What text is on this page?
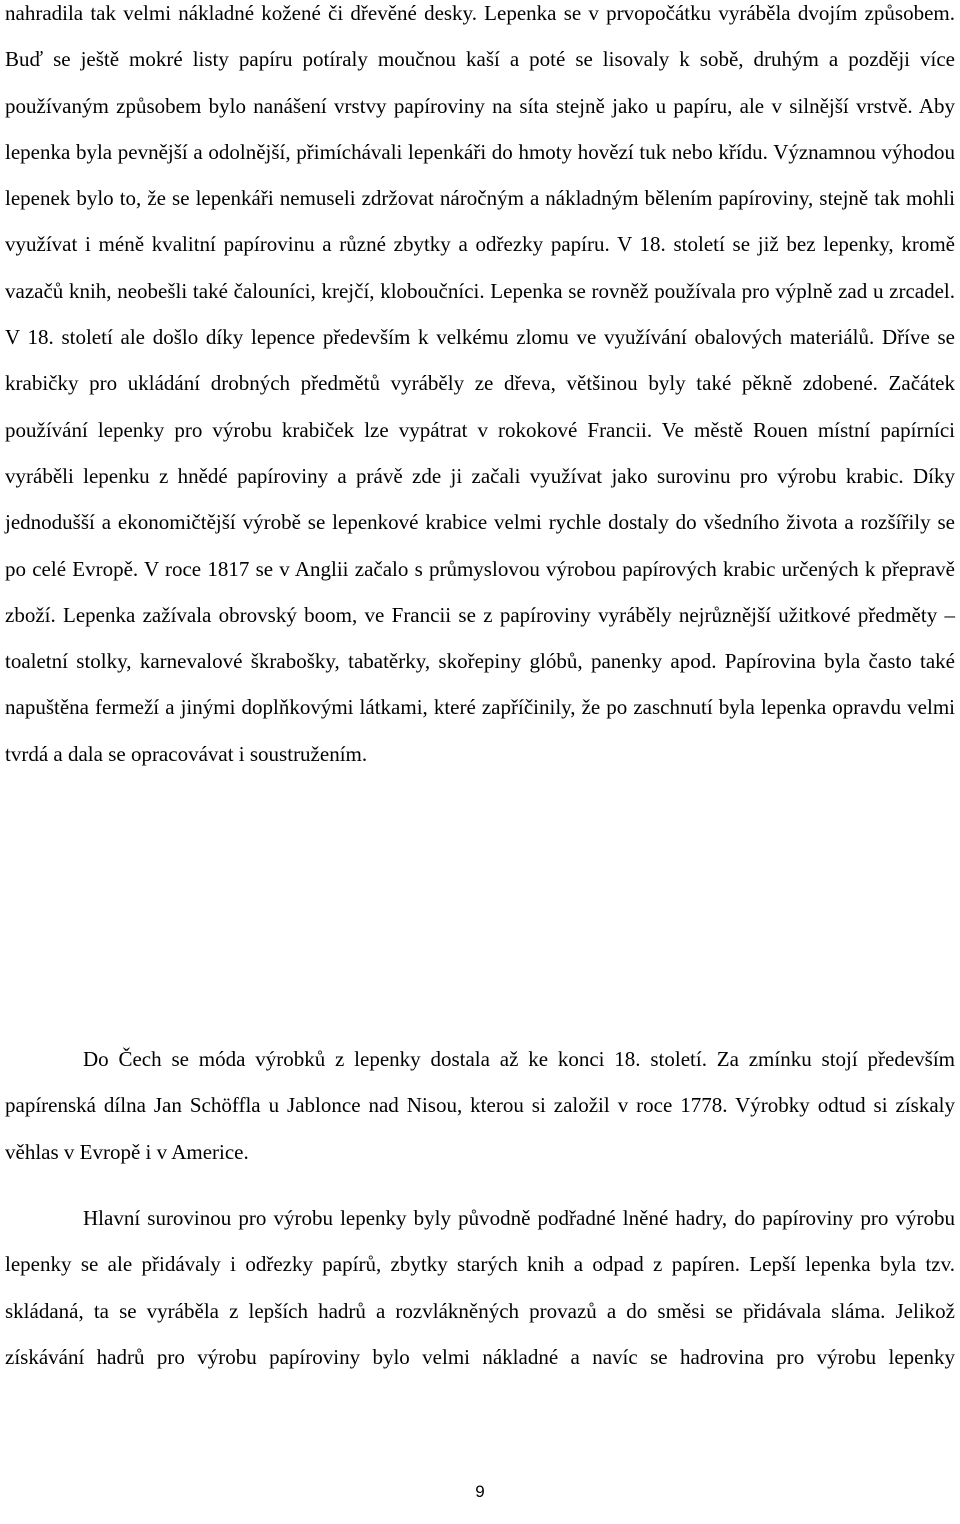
nahradila tak velmi nákladné kožené či dřevěné desky. Lepenka se v prvopočátku vyráběla dvojím způsobem. Buď se ještě mokré listy papíru potíraly moučnou kaší a poté se lisovaly k sobě, druhým a později více používaným způsobem bylo nanášení vrstvy papíroviny na síta stejně jako u papíru, ale v silnější vrstvě. Aby lepenka byla pevnější a odolnější, přimíchávali lepenkáři do hmoty hovězí tuk nebo křídu. Významnou výhodou lepenek bylo to, že se lepenkáři nemuseli zdržovat náročným a nákladným bělením papíroviny, stejně tak mohli využívat i méně kvalitní papírovinu a různé zbytky a odřezky papíru. V 18. století se již bez lepenky, kromě vazačů knih, neobešli také čalouníci, krejčí, kloboučníci. Lepenka se rovněž používala pro výplně zad u zrcadel. V 18. století ale došlo díky lepence především k velkému zlomu ve využívání obalových materiálů. Dříve se krabičky pro ukládání drobných předmětů vyráběly ze dřeva, většinou byly také pěkně zdobené. Začátek používání lepenky pro výrobu krabiček lze vypátrat v rokokové Francii. Ve městě Rouen místní papírníci vyráběli lepenku z hnědé papíroviny a právě zde ji začali využívat jako surovinu pro výrobu krabic. Díky jednodušší a ekonomičtější výrobě se lepenkové krabice velmi rychle dostaly do všedního života a rozšířily se po celé Evropě. V roce 1817 se v Anglii začalo s průmyslovou výrobou papírových krabic určených k přepravě zboží. Lepenka zažívala obrovský boom, ve Francii se z papíroviny vyráběly nejrůznější užitkové předměty – toaletní stolky, karnevalové škrabošky, tabatěrky, skořepiny glóbů, panenky apod. Papírovina byla často také napuštěna fermeží a jinými doplňkovými látkami, které zapříčinily, že po zaschnutí byla lepenka opravdu velmi tvrdá a dala se opracovávat i soustružením.

Do Čech se móda výrobků z lepenky dostala až ke konci 18. století. Za zmínku stojí především papírenská dílna Jan Schöffla u Jablonce nad Nisou, kterou si založil v roce 1778. Výrobky odtud si získaly věhlas v Evropě i v Americe.

Hlavní surovinou pro výrobu lepenky byly původně podřadné lněné hadry, do papíroviny pro výrobu lepenky se ale přidávaly i odřezky papírů, zbytky starých knih a odpad z papíren. Lepší lepenka byla tzv. skládaná, ta se vyráběla z lepších hadrů a rozvlákněných provazů a do směsi se přidávala sláma. Jelikož získávání hadrů pro výrobu papíroviny bylo velmi nákladné a navíc se hadrovina pro výrobu lepenky

9
